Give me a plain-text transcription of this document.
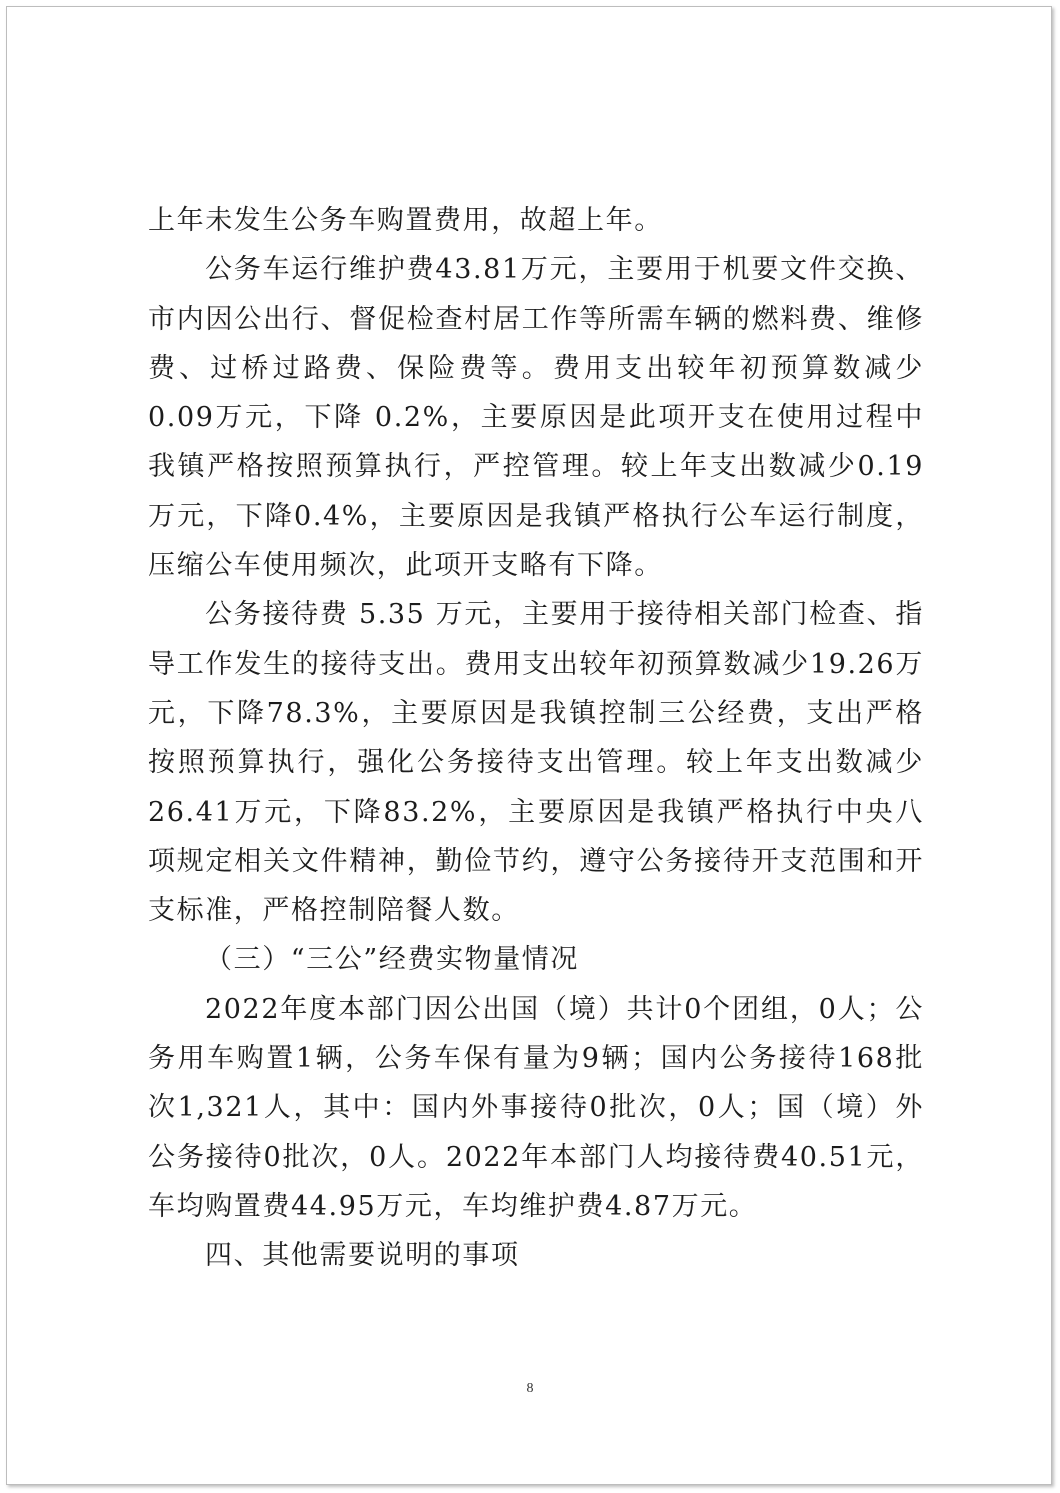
上年未发生公务车购置费用，故超上年。

公务车运行维护费43.81万元，主要用于机要文件交换、市内因公出行、督促检查村居工作等所需车辆的燃料费、维修费、过桥过路费、保险费等。费用支出较年初预算数减少0.09万元，下降 0.2%，主要原因是此项开支在使用过程中我镇严格按照预算执行，严控管理。较上年支出数减少0.19万元，下降0.4%，主要原因是我镇严格执行公车运行制度，压缩公车使用频次，此项开支略有下降。

公务接待费 5.35 万元，主要用于接待相关部门检查、指导工作发生的接待支出。费用支出较年初预算数减少19.26万元，下降78.3%，主要原因是我镇控制三公经费，支出严格按照预算执行，强化公务接待支出管理。较上年支出数减少26.41万元，下降83.2%，主要原因是我镇严格执行中央八项规定相关文件精神，勤俭节约，遵守公务接待开支范围和开支标准，严格控制陪餐人数。

（三）“三公”经费实物量情况

2022年度本部门因公出国（境）共计0个团组，0人；公务用车购置1辆，公务车保有量为9辆；国内公务接待168批次1,321人，其中：国内外事接待0批次，0人；国（境）外公务接待0批次，0人。2022年本部门人均接待费40.51元，车均购置费44.95万元，车均维护费4.87万元。

四、其他需要说明的事项

8
